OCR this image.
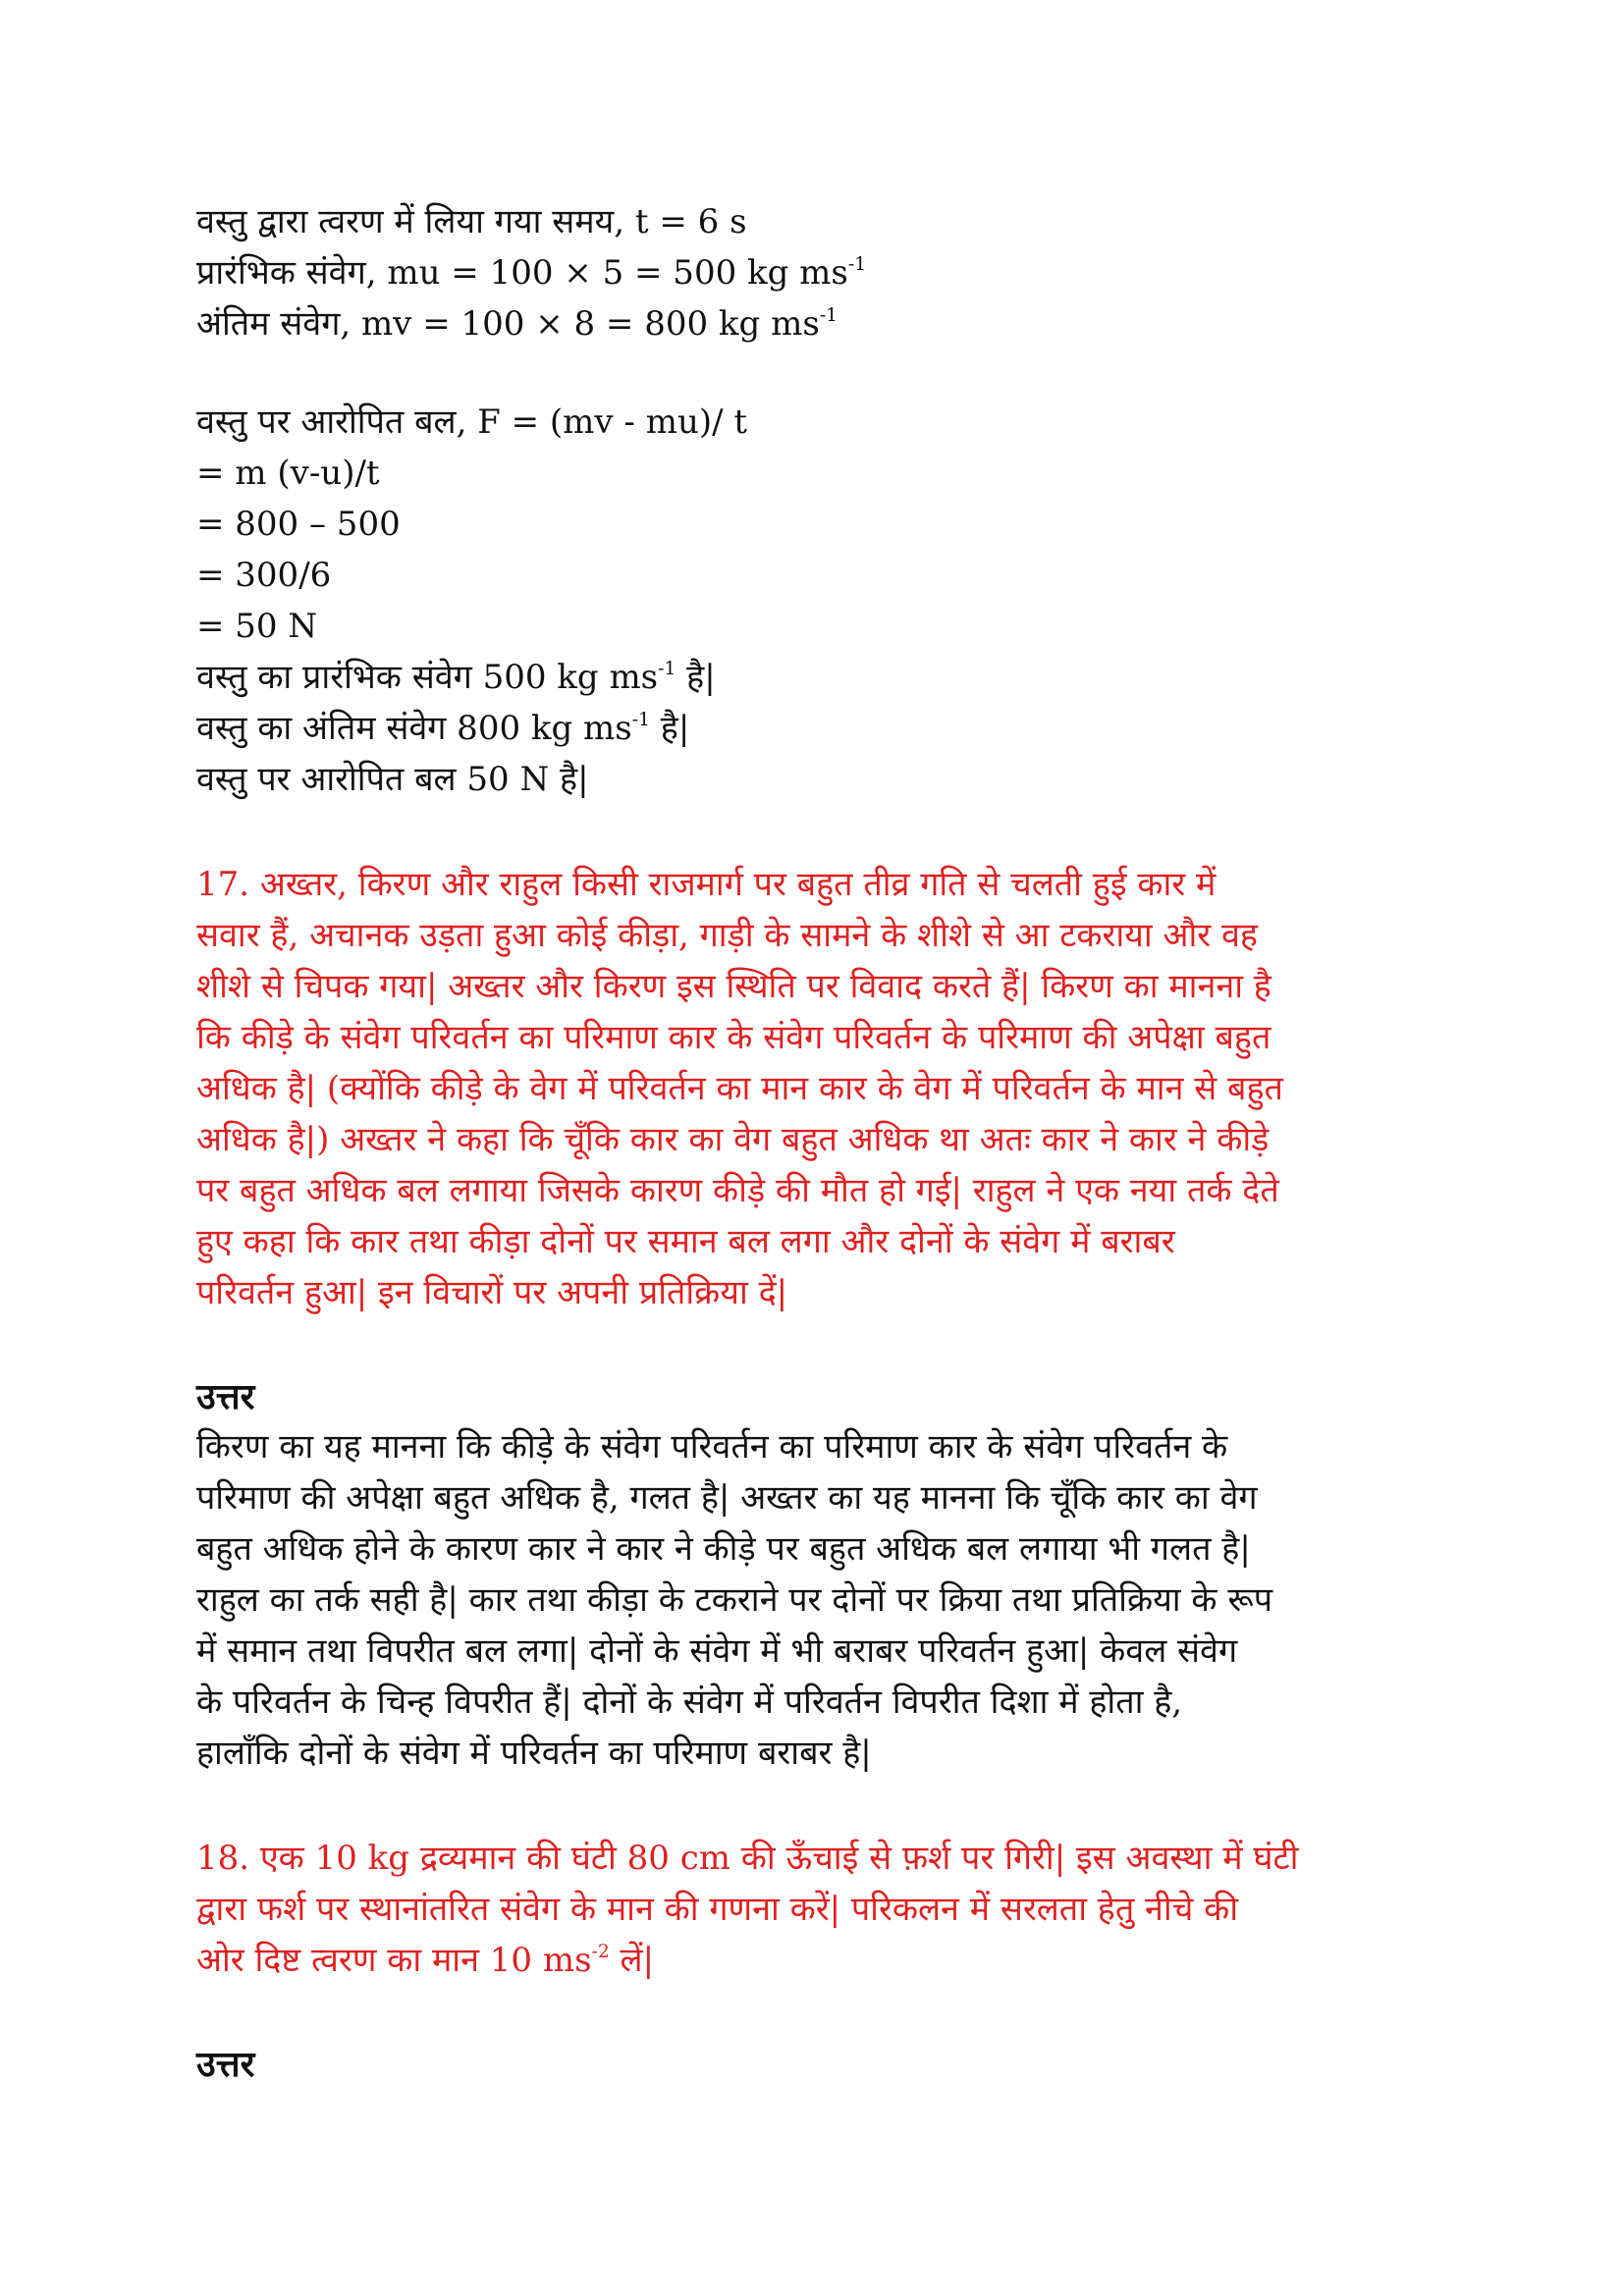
वस्तु द्वारा त्वरण में लिया गया समय, t = 6 s
प्रारंभिक संवेग, mu = 100 × 5 = 500 kg $ms^{-1}$
अंतिम संवेग, mv = 100 × 8 = 800 kg $ms^{-1}$
वस्तु पर आरोपित बल, F = (mv - mu)/ t
= m (v-u)/t
= 800 – 500
= 300/6
= 50 N
वस्तु का प्रारंभिक संवेग 500 kg $ms^{-1}$ है|
वस्तु का अंतिम संवेग 800 kg $ms^{-1}$ है|
वस्तु पर आरोपित बल 50 N है|
17. अख्तर, किरण और राहुल किसी राजमार्ग पर बहुत तीव्र गति से चलती हुई कार में
सवार हैं, अचानक उड़ता हुआ कोई कीड़ा, गाड़ी के सामने के शीशे से आ टकराया और वह
शीशे से चिपक गया| अख्तर और किरण इस स्थिति पर विवाद करते हैं| किरण का मानना है
कि कीड़े के संवेग परिवर्तन का परिमाण कार के संवेग परिवर्तन के परिमाण की अपेक्षा बहुत
अधिक है| (क्योंकि कीड़े के वेग में परिवर्तन का मान कार के वेग में परिवर्तन के मान से बहुत
अधिक है|) अख्तर ने कहा कि चूँकि कार का वेग बहुत अधिक था अतः कार ने कार ने कीड़े
पर बहुत अधिक बल लगाया जिसके कारण कीड़े की मौत हो गई| राहुल ने एक नया तर्क देते
हुए कहा कि कार तथा कीड़ा दोनों पर समान बल लगा और दोनों के संवेग में बराबर
परिवर्तन हुआ| इन विचारों पर अपनी प्रतिक्रिया दें|
उत्तर
किरण का यह मानना कि कीड़े के संवेग परिवर्तन का परिमाण कार के संवेग परिवर्तन के
परिमाण की अपेक्षा बहुत अधिक है, गलत है| अख्तर का यह मानना कि चूँकि कार का वेग
बहुत अधिक होने के कारण कार ने कार ने कीड़े पर बहुत अधिक बल लगाया भी गलत है|
राहुल का तर्क सही है| कार तथा कीड़ा के टकराने पर दोनों पर क्रिया तथा प्रतिक्रिया के रूप
में समान तथा विपरीत बल लगा| दोनों के संवेग में भी बराबर परिवर्तन हुआ| केवल संवेग
के परिवर्तन के चिन्ह विपरीत हैं| दोनों के संवेग में परिवर्तन विपरीत दिशा में होता है,
हालाँकि दोनों के संवेग में परिवर्तन का परिमाण बराबर है|
18. एक 10 kg द्रव्यमान की घंटी 80 cm की ऊँचाई से फ़र्श पर गिरी| इस अवस्था में घंटी
द्वारा फर्श पर स्थानांतरित संवेग के मान की गणना करें| परिकलन में सरलता हेतु नीचे की
ओर दिष्ट त्वरण का मान 10 $ms^{-2}$ लें|
उत्तर
